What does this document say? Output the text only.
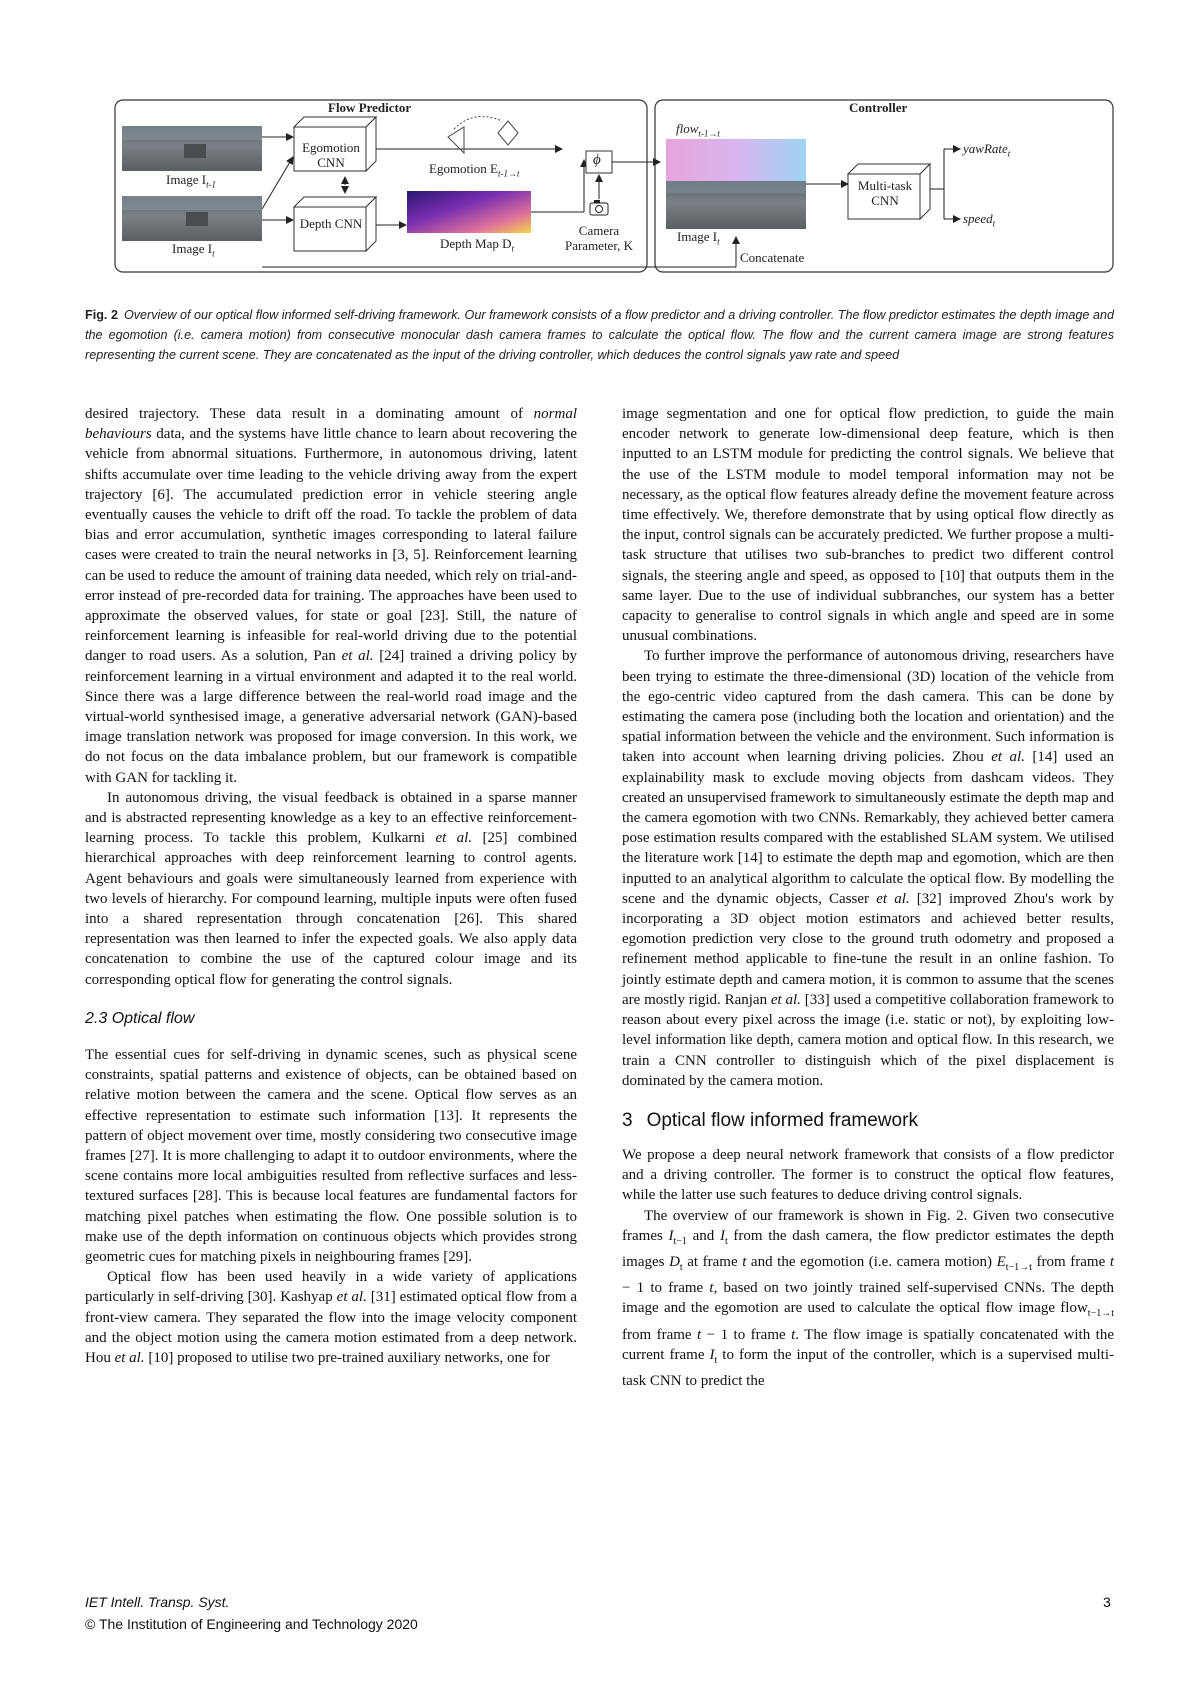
Flow Predictor	Controller
Image $I_{t-1}$
Image $I_t$
Egomotion CNN
Depth CNN
Egomotion $E_{t-1\to t}$
Depth Map $D_t$
ϕ
Camera Parameter, K
flow$_{t-1\to t}$
Image $I_t$
Concatenate
Multi-task CNN
yawRate$_t$
speed$_t$
Fig. 2 Overview of our optical flow informed self-driving framework. Our framework consists of a flow predictor and a driving controller. The flow predictor estimates the depth image and the egomotion (i.e. camera motion) from consecutive monocular dash camera frames to calculate the optical flow. The flow and the current camera image are strong features representing the current scene. They are concatenated as the input of the driving controller, which deduces the control signals yaw rate and speed

desired trajectory. These data result in a dominating amount of normal behaviours data, and the systems have little chance to learn about recovering the vehicle from abnormal situations. Furthermore, in autonomous driving, latent shifts accumulate over time leading to the vehicle driving away from the expert trajectory [6]. The accumulated prediction error in vehicle steering angle eventually causes the vehicle to drift off the road. To tackle the problem of data bias and error accumulation, synthetic images corresponding to lateral failure cases were created to train the neural networks in [3, 5]. Reinforcement learning can be used to reduce the amount of training data needed, which rely on trial-and-error instead of pre-recorded data for training. The approaches have been used to approximate the observed values, for state or goal [23]. Still, the nature of reinforcement learning is infeasible for real-world driving due to the potential danger to road users. As a solution, Pan et al. [24] trained a driving policy by reinforcement learning in a virtual environment and adapted it to the real world. Since there was a large difference between the real-world road image and the virtual-world synthesised image, a generative adversarial network (GAN)-based image translation network was proposed for image conversion. In this work, we do not focus on the data imbalance problem, but our framework is compatible with GAN for tackling it.

In autonomous driving, the visual feedback is obtained in a sparse manner and is abstracted representing knowledge as a key to an effective reinforcement-learning process. To tackle this problem, Kulkarni et al. [25] combined hierarchical approaches with deep reinforcement learning to control agents. Agent behaviours and goals were simultaneously learned from experience with two levels of hierarchy. For compound learning, multiple inputs were often fused into a shared representation through concatenation [26]. This shared representation was then learned to infer the expected goals. We also apply data concatenation to combine the use of the captured colour image and its corresponding optical flow for generating the control signals.

2.3 Optical flow

The essential cues for self-driving in dynamic scenes, such as physical scene constraints, spatial patterns and existence of objects, can be obtained based on relative motion between the camera and the scene. Optical flow serves as an effective representation to estimate such information [13]. It represents the pattern of object movement over time, mostly considering two consecutive image frames [27]. It is more challenging to adapt it to outdoor environments, where the scene contains more local ambiguities resulted from reflective surfaces and less-textured surfaces [28]. This is because local features are fundamental factors for matching pixel patches when estimating the flow. One possible solution is to make use of the depth information on continuous objects which provides strong geometric cues for matching pixels in neighbouring frames [29].

Optical flow has been used heavily in a wide variety of applications particularly in self-driving [30]. Kashyap et al. [31] estimated optical flow from a front-view camera. They separated the flow into the image velocity component and the object motion using the camera motion estimated from a deep network. Hou et al. [10] proposed to utilise two pre-trained auxiliary networks, one for

image segmentation and one for optical flow prediction, to guide the main encoder network to generate low-dimensional deep feature, which is then inputted to an LSTM module for predicting the control signals. We believe that the use of the LSTM module to model temporal information may not be necessary, as the optical flow features already define the movement feature across time effectively. We, therefore demonstrate that by using optical flow directly as the input, control signals can be accurately predicted. We further propose a multi-task structure that utilises two sub-branches to predict two different control signals, the steering angle and speed, as opposed to [10] that outputs them in the same layer. Due to the use of individual subbranches, our system has a better capacity to generalise to control signals in which angle and speed are in some unusual combinations.

To further improve the performance of autonomous driving, researchers have been trying to estimate the three-dimensional (3D) location of the vehicle from the ego-centric video captured from the dash camera. This can be done by estimating the camera pose (including both the location and orientation) and the spatial information between the vehicle and the environment. Such information is taken into account when learning driving policies. Zhou et al. [14] used an explainability mask to exclude moving objects from dashcam videos. They created an unsupervised framework to simultaneously estimate the depth map and the camera egomotion with two CNNs. Remarkably, they achieved better camera pose estimation results compared with the established SLAM system. We utilised the literature work [14] to estimate the depth map and egomotion, which are then inputted to an analytical algorithm to calculate the optical flow. By modelling the scene and the dynamic objects, Casser et al. [32] improved Zhou's work by incorporating a 3D object motion estimators and achieved better results, egomotion prediction very close to the ground truth odometry and proposed a refinement method applicable to fine-tune the result in an online fashion. To jointly estimate depth and camera motion, it is common to assume that the scenes are mostly rigid. Ranjan et al. [33] used a competitive collaboration framework to reason about every pixel across the image (i.e. static or not), by exploiting low-level information like depth, camera motion and optical flow. In this research, we train a CNN controller to distinguish which of the pixel displacement is dominated by the camera motion.

3 Optical flow informed framework

We propose a deep neural network framework that consists of a flow predictor and a driving controller. The former is to construct the optical flow features, while the latter use such features to deduce driving control signals.

The overview of our framework is shown in Fig. 2. Given two consecutive frames $I_{t-1}$ and $I_t$ from the dash camera, the flow predictor estimates the depth images $D_t$ at frame t and the egomotion (i.e. camera motion) $E_{t-1\to t}$ from frame t − 1 to frame t, based on two jointly trained self-supervised CNNs. The depth image and the egomotion are used to calculate the optical flow image flow$_{t-1\to t}$ from frame t − 1 to frame t. The flow image is spatially concatenated with the current frame $I_t$ to form the input of the controller, which is a supervised multi-task CNN to predict the

IET Intell. Transp. Syst.
© The Institution of Engineering and Technology 2020
3
